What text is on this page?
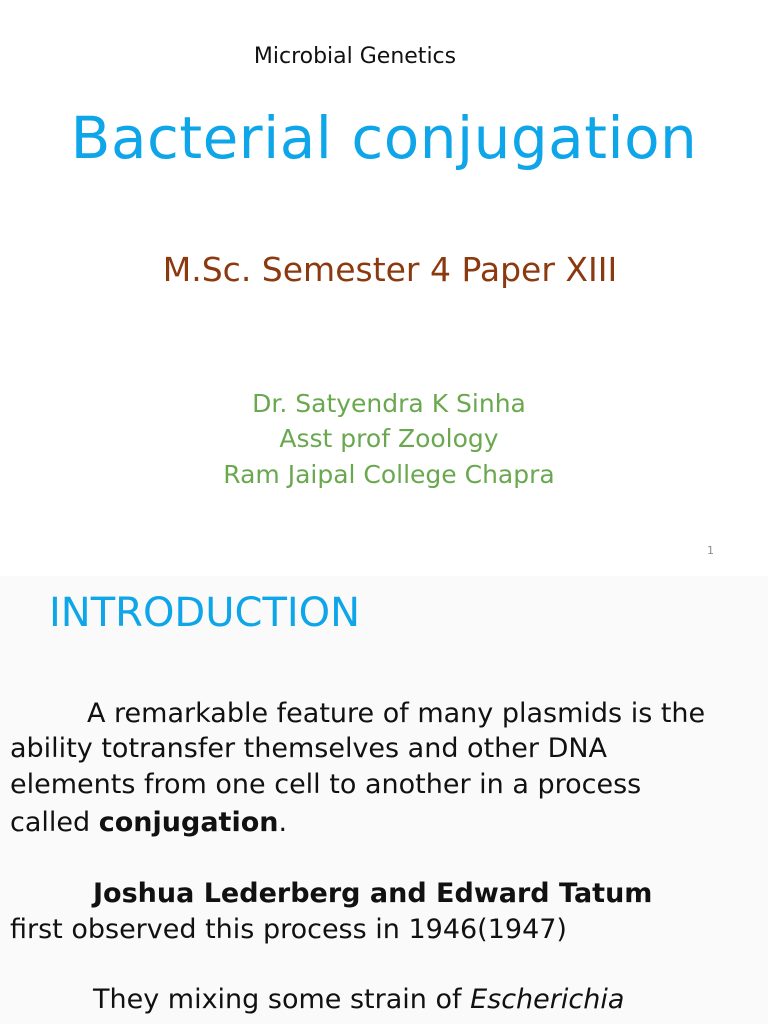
Microbial Genetics
Bacterial conjugation
M.Sc. Semester 4 Paper XIII
Dr. Satyendra K Sinha
Asst prof Zoology
Ram Jaipal College Chapra
1
INTRODUCTION
A remarkable feature of many plasmids is the
ability totransfer themselves and other DNA
elements from one cell to another in a process
called conjugation.
Joshua Lederberg and Edward Tatum
first observed this process in 1946(1947)
They mixing some strain of Escherichia
